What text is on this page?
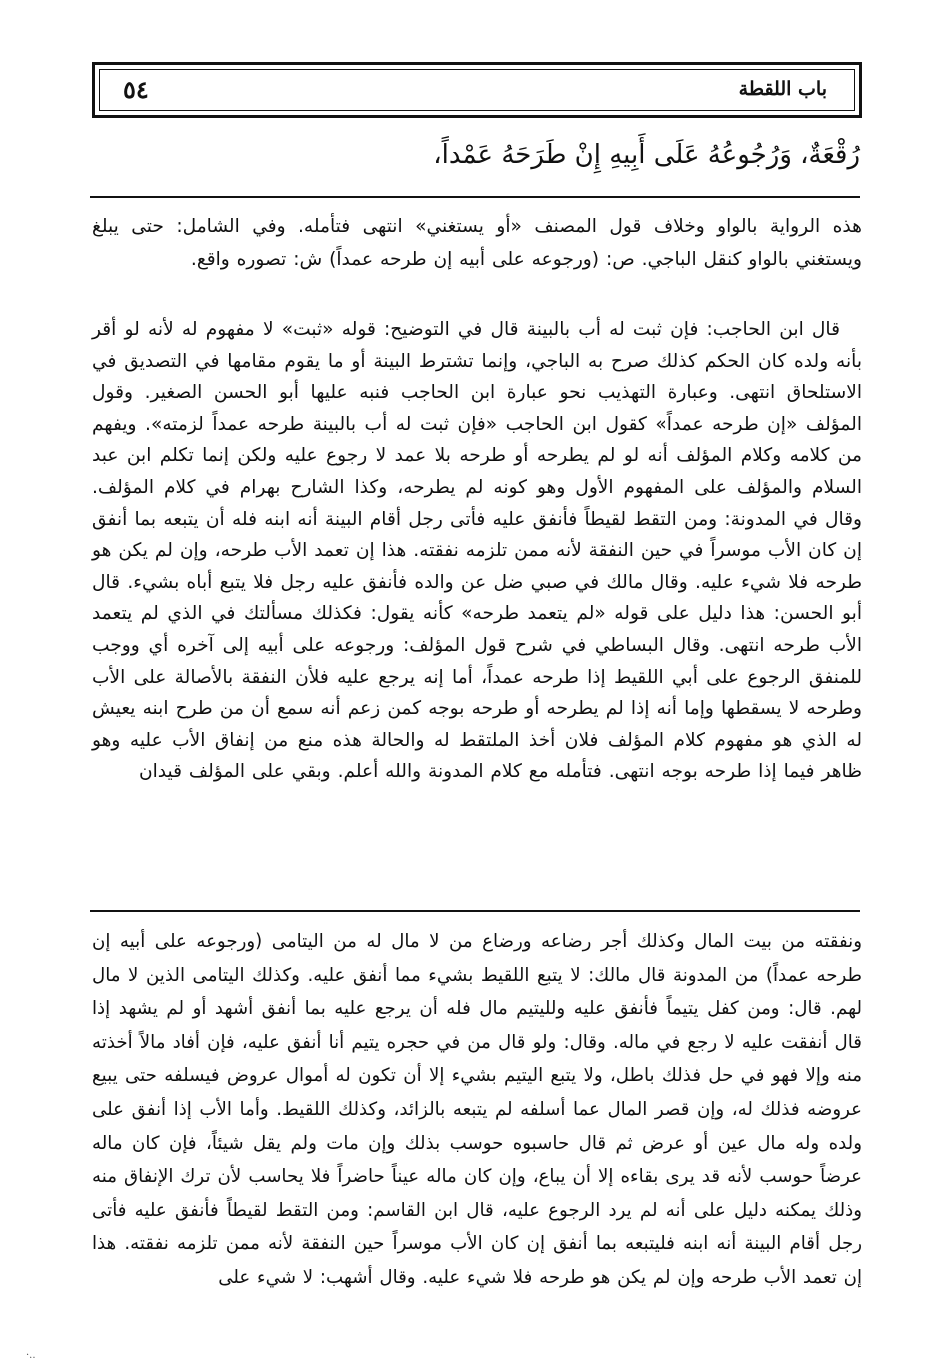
٥٤	باب اللقطة
رُقْعَةٌ، وَرُجُوعُهُ عَلَى أَبِيهِ إِنْ طَرَحَهُ عَمْداً،

هذه الرواية بالواو وخلاف قول المصنف «أو يستغني» انتهى فتأمله. وفي الشامل: حتى يبلغ ويستغني بالواو كنقل الباجي. ص: (ورجوعه على أبيه إن طرحه عمداً) ش: تصوره واقع.

قال ابن الحاجب: فإن ثبت له أب بالبينة قال في التوضيح: قوله «ثبت» لا مفهوم له لأنه لو أقر بأنه ولده كان الحكم كذلك صرح به الباجي، وإنما تشترط البينة أو ما يقوم مقامها في التصديق في الاستلحاق انتهى. وعبارة التهذيب نحو عبارة ابن الحاجب فنبه عليها أبو الحسن الصغير. وقول المؤلف «إن طرحه عمداً» كقول ابن الحاجب «فإن ثبت له أب بالبينة طرحه عمداً لزمته». ويفهم من كلامه وكلام المؤلف أنه لو لم يطرحه أو طرحه بلا عمد لا رجوع عليه ولكن إنما تكلم ابن عبد السلام والمؤلف على المفهوم الأول وهو كونه لم يطرحه، وكذا الشارح بهرام في كلام المؤلف. وقال في المدونة: ومن التقط لقيطاً فأنفق عليه فأتى رجل أقام البينة أنه ابنه فله أن يتبعه بما أنفق إن كان الأب موسراً في حين النفقة لأنه ممن تلزمه نفقته. هذا إن تعمد الأب طرحه، وإن لم يكن هو طرحه فلا شيء عليه. وقال مالك في صبي ضل عن والده فأنفق عليه رجل فلا يتبع أباه بشيء. قال أبو الحسن: هذا دليل على قوله «لم يتعمد طرحه» كأنه يقول: فكذلك مسألتك في الذي لم يتعمد الأب طرحه انتهى. وقال البساطي في شرح قول المؤلف: ورجوعه على أبيه إلى آخره أي ووجب للمنفق الرجوع على أبي اللقيط إذا طرحه عمداً، أما إنه يرجع عليه فلأن النفقة بالأصالة على الأب وطرحه لا يسقطها وإما أنه إذا لم يطرحه أو طرحه بوجه كمن زعم أنه سمع أن من طرح ابنه يعيش له الذي هو مفهوم كلام المؤلف فلان أخذ الملتقط له والحالة هذه منع من إنفاق الأب عليه وهو ظاهر فيما إذا طرحه بوجه انتهى. فتأمله مع كلام المدونة والله أعلم. وبقي على المؤلف قيدان

ونفقته من بيت المال وكذلك أجر رضاعه ورضاع من لا مال له من اليتامى (ورجوعه على أبيه إن طرحه عمداً) من المدونة قال مالك: لا يتبع اللقيط بشيء مما أنفق عليه. وكذلك اليتامى الذين لا مال لهم. قال: ومن كفل يتيماً فأنفق عليه ولليتيم مال فله أن يرجع عليه بما أنفق أشهد أو لم يشهد إذا قال أنفقت عليه لا رجع في ماله. وقال: ولو قال من في حجره يتيم أنا أنفق عليه، فإن أفاد مالاً أخذته منه وإلا فهو في حل فذلك باطل، ولا يتبع اليتيم بشيء إلا أن تكون له أموال عروض فيسلفه حتى يبيع عروضه فذلك له، وإن قصر المال عما أسلفه لم يتبعه بالزائد، وكذلك اللقيط. وأما الأب إذا أنفق على ولده وله مال عين أو عرض ثم قال حاسبوه حوسب بذلك وإن مات ولم يقل شيئاً، فإن كان ماله عرضاً حوسب لأنه قد يرى بقاءه إلا أن يباع، وإن كان ماله عيناً حاضراً فلا يحاسب لأن ترك الإنفاق منه وذلك يمكنه دليل على أنه لم يرد الرجوع عليه، قال ابن القاسم: ومن التقط لقيطاً فأنفق عليه فأتى رجل أقام البينة أنه ابنه فليتبعه بما أنفق إن كان الأب موسراً حين النفقة لأنه ممن تلزمه نفقته. هذا إن تعمد الأب طرحه وإن لم يكن هو طرحه فلا شيء عليه. وقال أشهب: لا شيء على

·..
